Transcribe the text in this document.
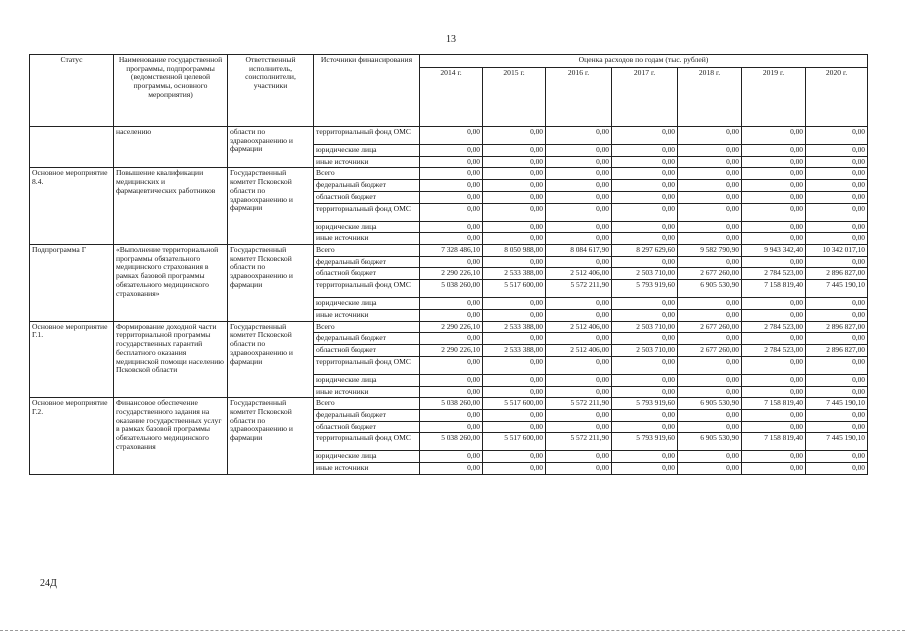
13
Статус	Наименование государственной программы, подпрограммы (ведомственной целевой программы, основного мероприятия)	Ответственный исполнитель, соисполнители, участники	Источники финансирования	Оценка расходов по годам (тыс. рублей)						
				2014 г.	2015 г.	2016 г.	2017 г.	2018 г.	2019 г.	2020 г.
	населению	области по здравоохранению и фармации	территориальный фонд ОМС	0,00	0,00	0,00	0,00	0,00	0,00	0,00
			юридические лица	0,00	0,00	0,00	0,00	0,00	0,00	0,00
			иные источники	0,00	0,00	0,00	0,00	0,00	0,00	0,00
Основное мероприятие 8.4.	Повышение квалификации медицинских и фармацевтических работников	Государственный комитет Псковской области по здравоохранению и фармации	Всего	0,00	0,00	0,00	0,00	0,00	0,00	0,00
			федеральный бюджет	0,00	0,00	0,00	0,00	0,00	0,00	0,00
			областной бюджет	0,00	0,00	0,00	0,00	0,00	0,00	0,00
			территориальный фонд ОМС	0,00	0,00	0,00	0,00	0,00	0,00	0,00
			юридические лица	0,00	0,00	0,00	0,00	0,00	0,00	0,00
			иные источники	0,00	0,00	0,00	0,00	0,00	0,00	0,00
Подпрограмма Г	«Выполнение территориальной программы обязательного медицинского страхования в рамках базовой программы обязательного медицинского страхования»	Государственный комитет Псковской области по здравоохранению и фармации	Всего	7 328 486,10	8 050 988,00	8 084 617,90	8 297 629,60	9 582 790,90	9 943 342,40	10 342 017,10
			федеральный бюджет	0,00	0,00	0,00	0,00	0,00	0,00	0,00
			областной бюджет	2 290 226,10	2 533 388,00	2 512 406,00	2 503 710,00	2 677 260,00	2 784 523,00	2 896 827,00
			территориальный фонд ОМС	5 038 260,00	5 517 600,00	5 572 211,90	5 793 919,60	6 905 530,90	7 158 819,40	7 445 190,10
			юридические лица	0,00	0,00	0,00	0,00	0,00	0,00	0,00
			иные источники	0,00	0,00	0,00	0,00	0,00	0,00	0,00
Основное мероприятие Г.1.	Формирование доходной части территориальной программы государственных гарантий бесплатного оказания медицинской помощи населению Псковской области	Государственный комитет Псковской области по здравоохранению и фармации	Всего	2 290 226,10	2 533 388,00	2 512 406,00	2 503 710,00	2 677 260,00	2 784 523,00	2 896 827,00
			федеральный бюджет	0,00	0,00	0,00	0,00	0,00	0,00	0,00
			областной бюджет	2 290 226,10	2 533 388,00	2 512 406,00	2 503 710,00	2 677 260,00	2 784 523,00	2 896 827,00
			территориальный фонд ОМС	0,00	0,00	0,00	0,00	0,00	0,00	0,00
			юридические лица	0,00	0,00	0,00	0,00	0,00	0,00	0,00
			иные источники	0,00	0,00	0,00	0,00	0,00	0,00	0,00
Основное мероприятие Г.2.	Финансовое обеспечение государственного задания на оказание государственных услуг в рамках базовой программы обязательного медицинского страхования	Государственный комитет Псковской области по здравоохранению и фармации	Всего	5 038 260,00	5 517 600,00	5 572 211,90	5 793 919,60	6 905 530,90	7 158 819,40	7 445 190,10
			федеральный бюджет	0,00	0,00	0,00	0,00	0,00	0,00	0,00
			областной бюджет	0,00	0,00	0,00	0,00	0,00	0,00	0,00
			территориальный фонд ОМС	5 038 260,00	5 517 600,00	5 572 211,90	5 793 919,60	6 905 530,90	7 158 819,40	7 445 190,10
			юридические лица	0,00	0,00	0,00	0,00	0,00	0,00	0,00
			иные источники	0,00	0,00	0,00	0,00	0,00	0,00	0,00
24Д
